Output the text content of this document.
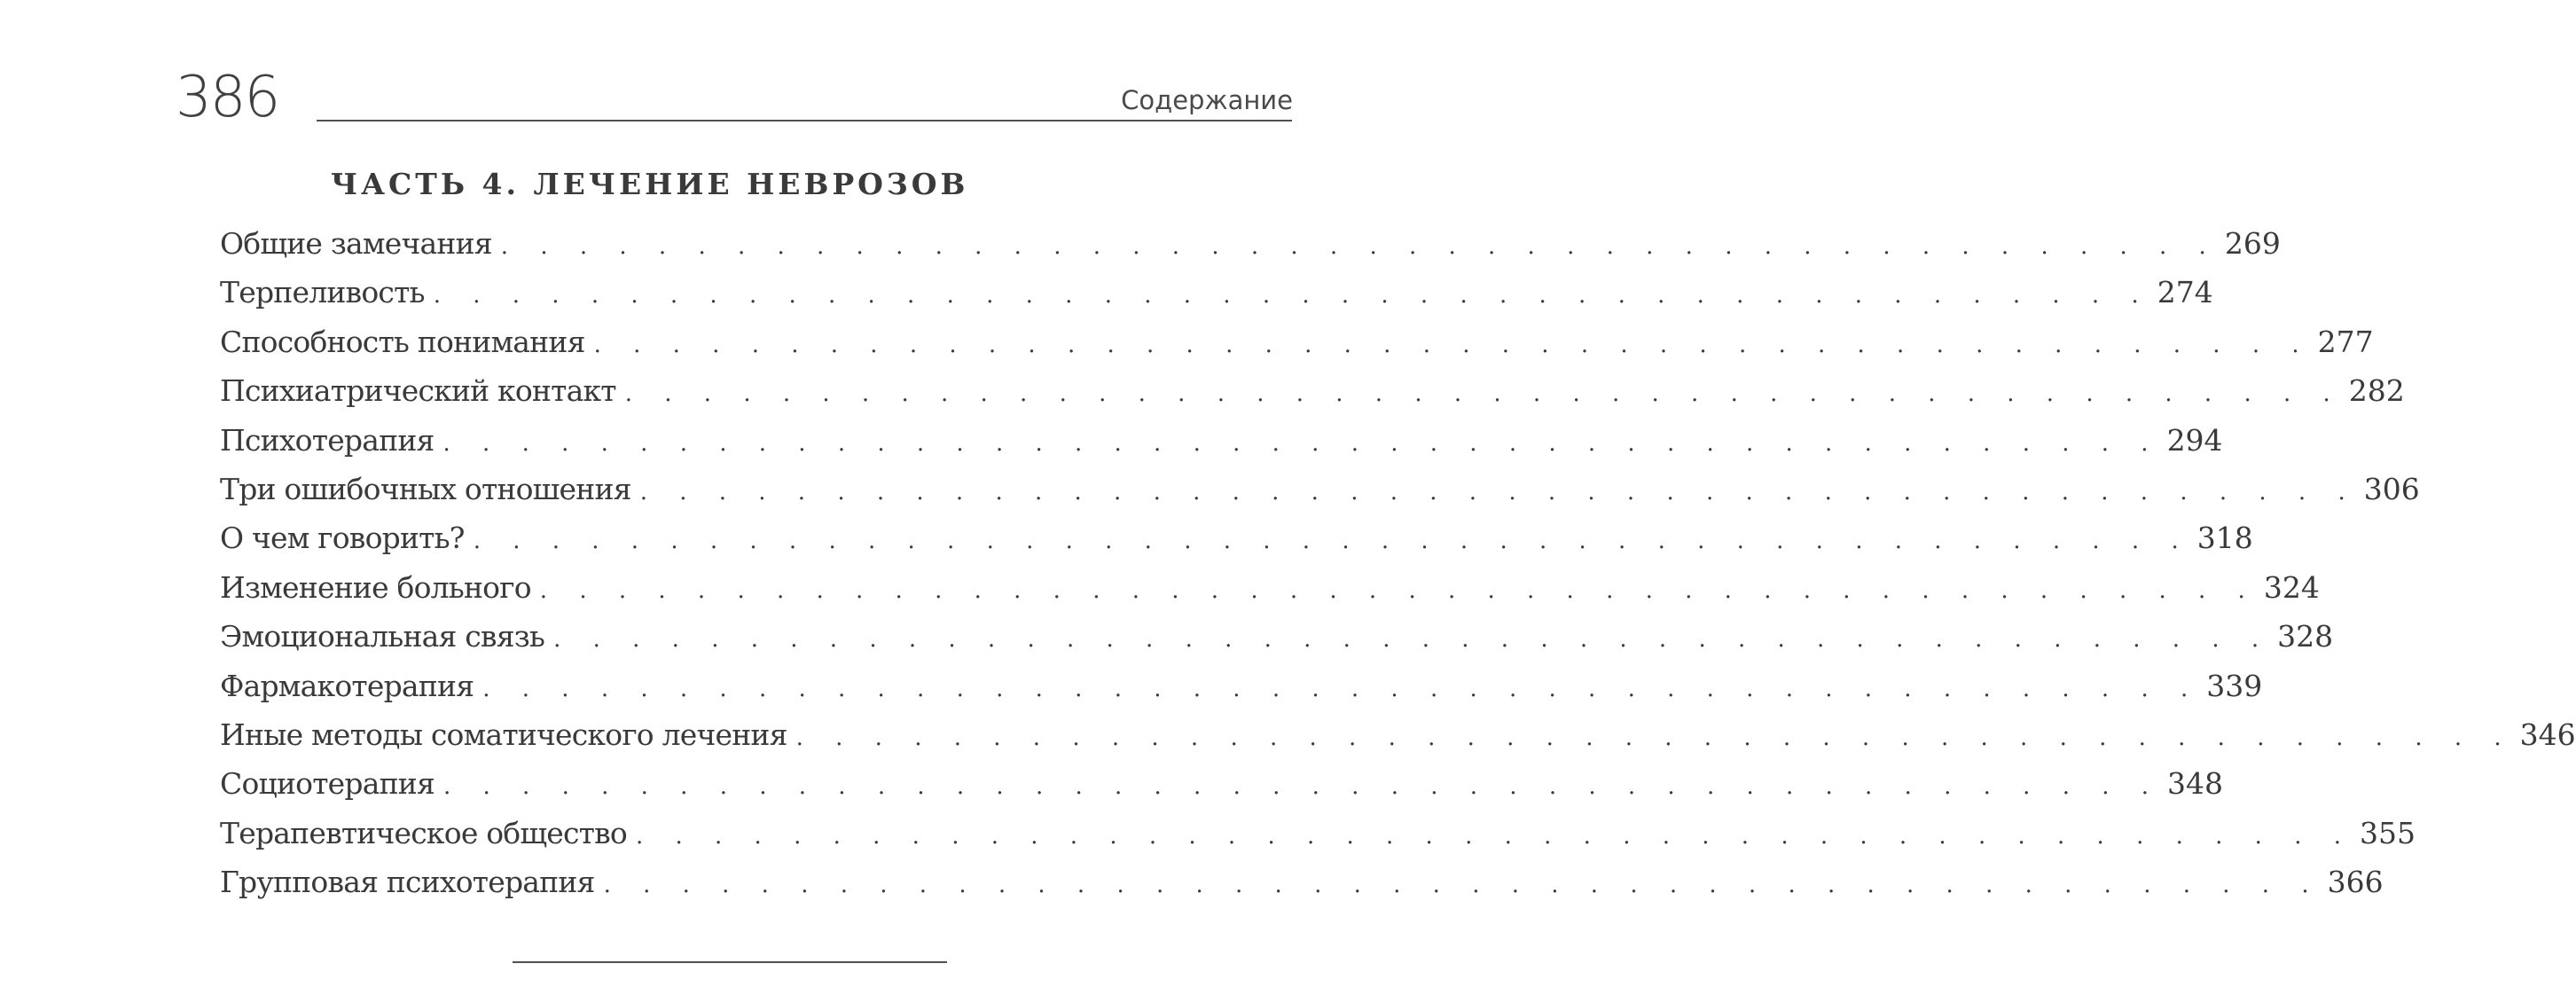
386	Содержание
ЧАСТЬ 4. ЛЕЧЕНИЕ НЕВРОЗОВ
Общие замечания . . . . . . . . . . . . . . . . . . . . . . . . . . . . . . . . . . . . . . . . . . . . 269
Терпеливость . . . . . . . . . . . . . . . . . . . . . . . . . . . . . . . . . . . . . . . . . . . . 274
Способность понимания . . . . . . . . . . . . . . . . . . . . . . . . . . . . . . . . . . . . . . . . . . . . 277
Психиатрический контакт . . . . . . . . . . . . . . . . . . . . . . . . . . . . . . . . . . . . . . . . . . . . 282
Психотерапия . . . . . . . . . . . . . . . . . . . . . . . . . . . . . . . . . . . . . . . . . . . . 294
Три ошибочных отношения . . . . . . . . . . . . . . . . . . . . . . . . . . . . . . . . . . . . . . . . . . . . 306
О чем говорить? . . . . . . . . . . . . . . . . . . . . . . . . . . . . . . . . . . . . . . . . . . . . 318
Изменение больного . . . . . . . . . . . . . . . . . . . . . . . . . . . . . . . . . . . . . . . . . . . . 324
Эмоциональная связь . . . . . . . . . . . . . . . . . . . . . . . . . . . . . . . . . . . . . . . . . . . . 328
Фармакотерапия . . . . . . . . . . . . . . . . . . . . . . . . . . . . . . . . . . . . . . . . . . . . 339
Иные методы соматического лечения . . . . . . . . . . . . . . . . . . . . . . . . . . . . . . . . . . . . . . . . . . . . 346
Социотерапия . . . . . . . . . . . . . . . . . . . . . . . . . . . . . . . . . . . . . . . . . . . . 348
Терапевтическое общество . . . . . . . . . . . . . . . . . . . . . . . . . . . . . . . . . . . . . . . . . . . . 355
Групповая психотерапия . . . . . . . . . . . . . . . . . . . . . . . . . . . . . . . . . . . . . . . . . . . . 366
